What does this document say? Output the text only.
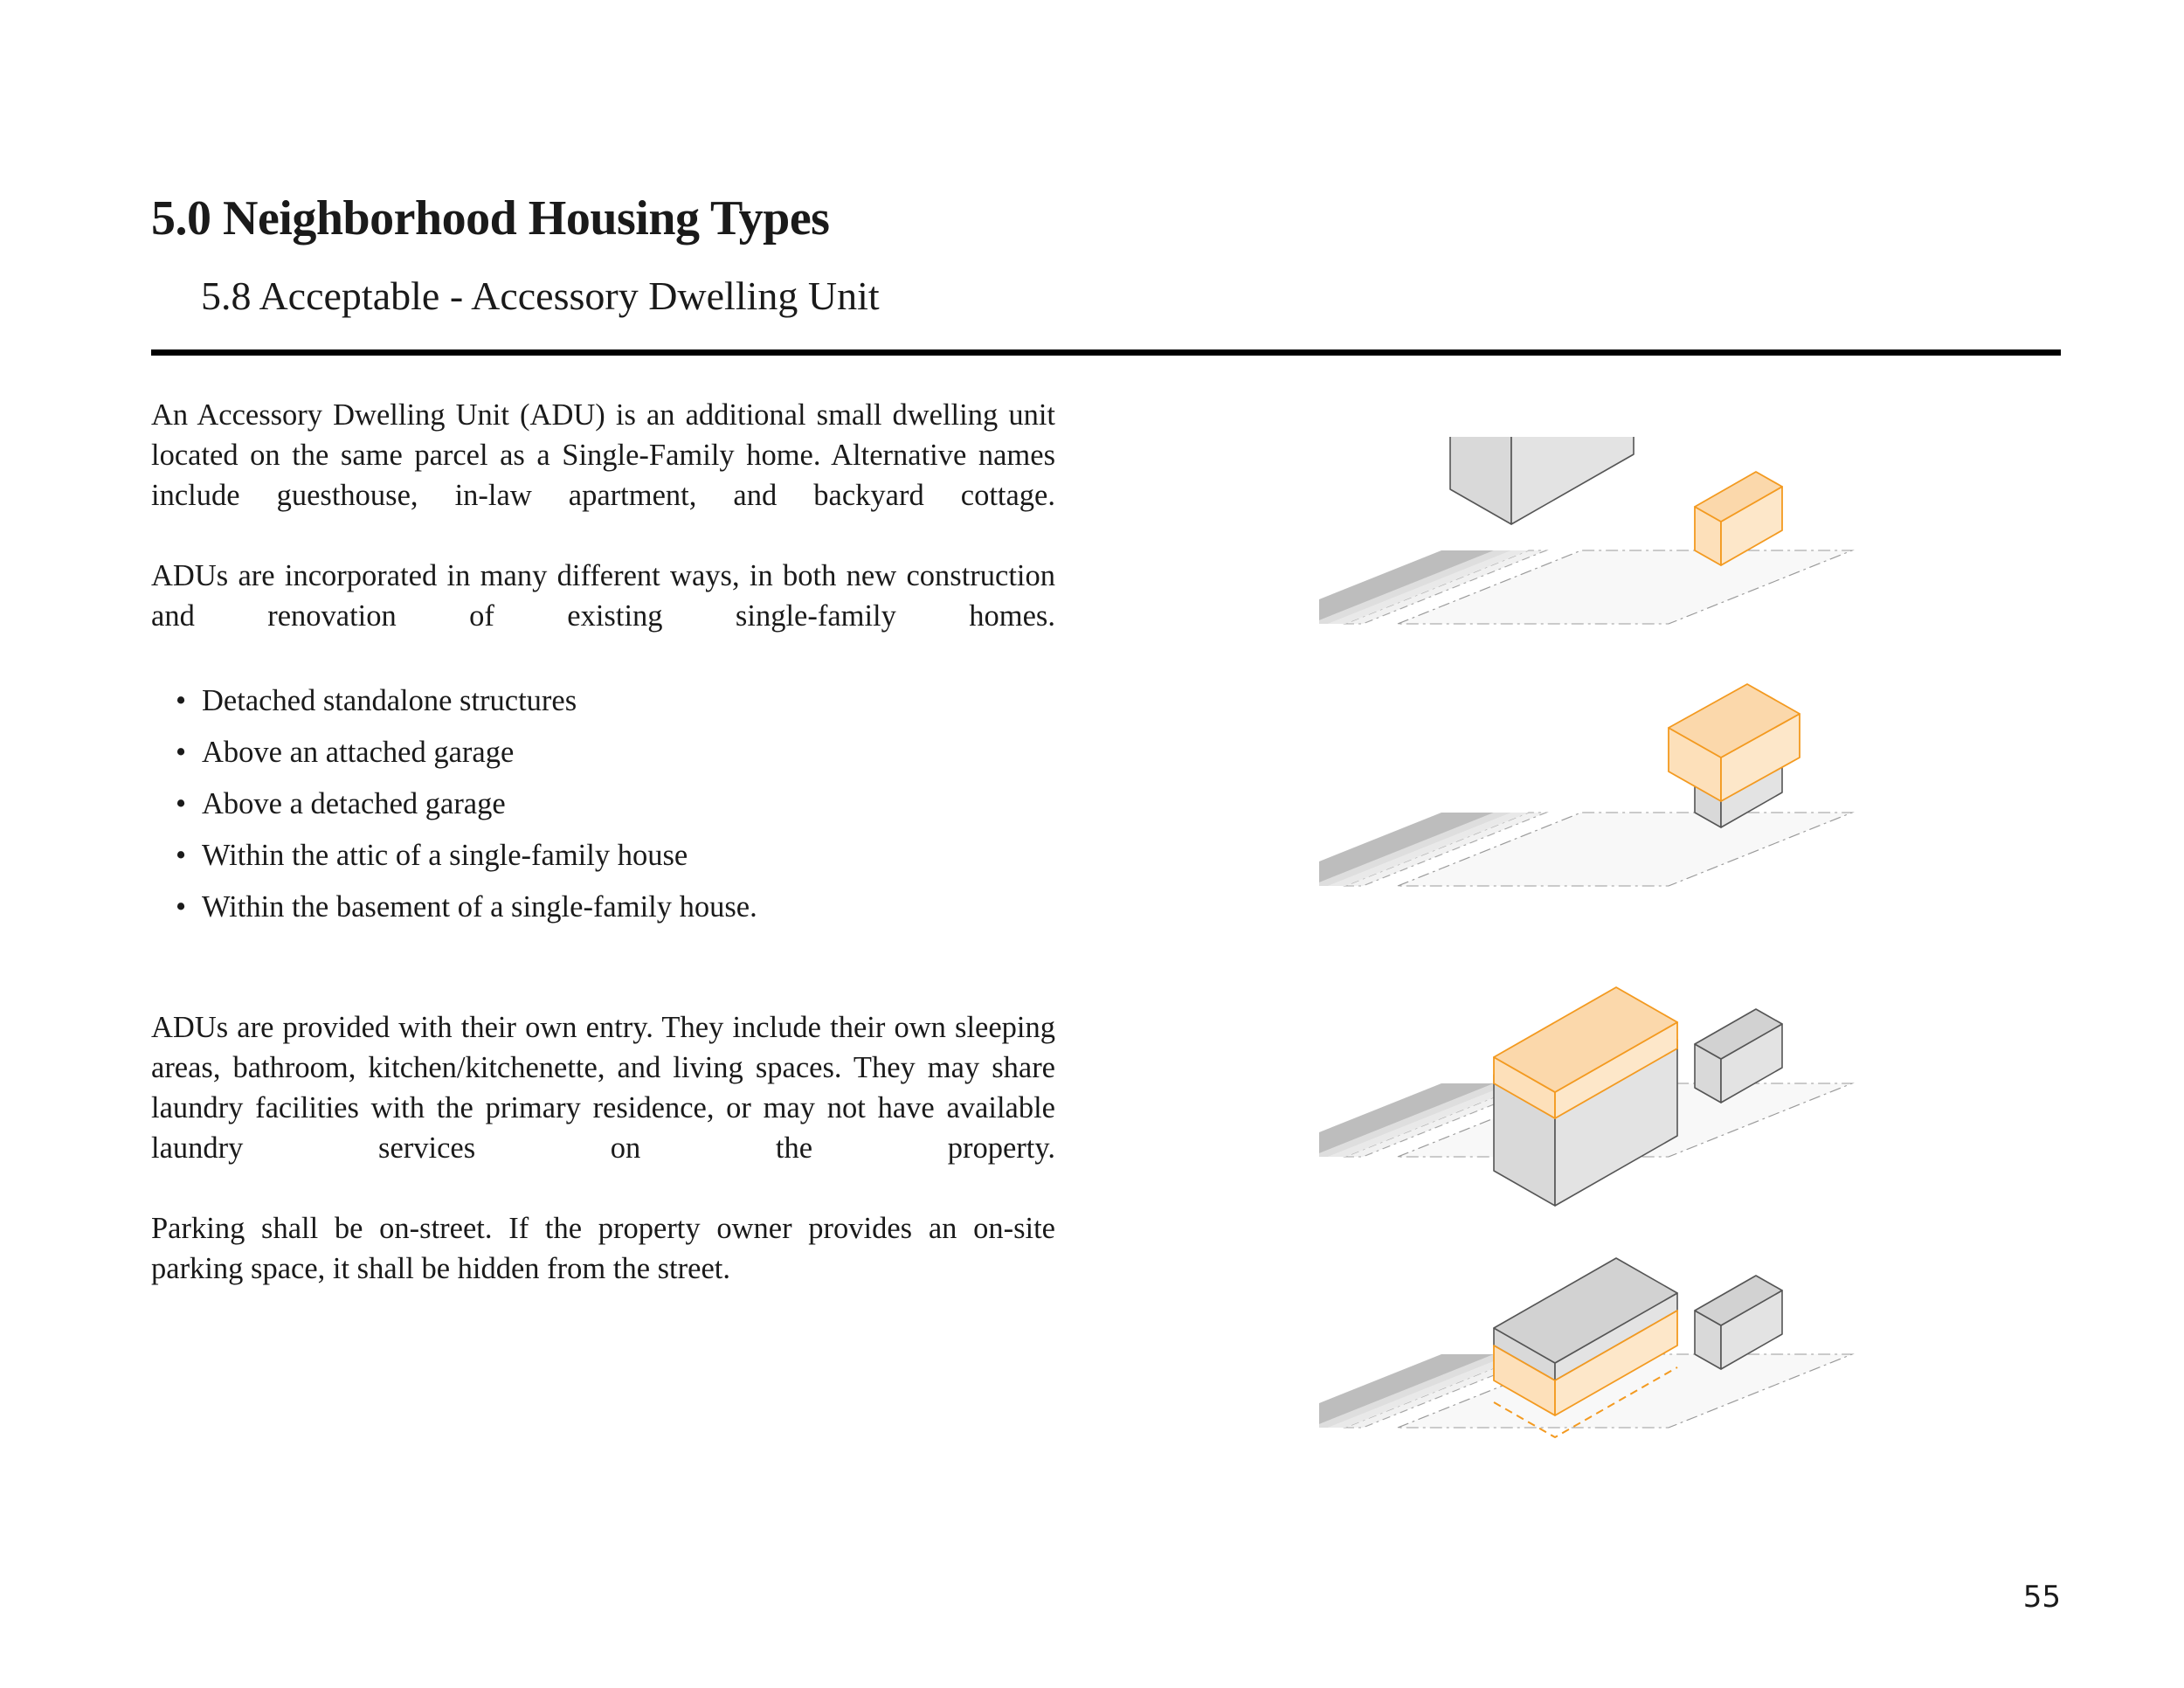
5.0 Neighborhood Housing Types
5.8 Acceptable - Accessory Dwelling Unit

An Accessory Dwelling Unit (ADU) is an additional small dwelling unit located on the same parcel as a Single-Family home. Alternative names include guesthouse, in-law apartment, and backyard cottage.

ADUs are incorporated in many different ways, in both new construction and renovation of existing single-family homes.

• Detached standalone structures
• Above an attached garage
• Above a detached garage
• Within the attic of a single-family house
• Within the basement of a single-family house.

ADUs are provided with their own entry. They include their own sleeping areas, bathroom, kitchen/kitchenette, and living spaces. They may share laundry facilities with the primary residence, or may not have available laundry services on the property.

Parking shall be on-street. If the property owner provides an on-site parking space, it shall be hidden from the street.

55
